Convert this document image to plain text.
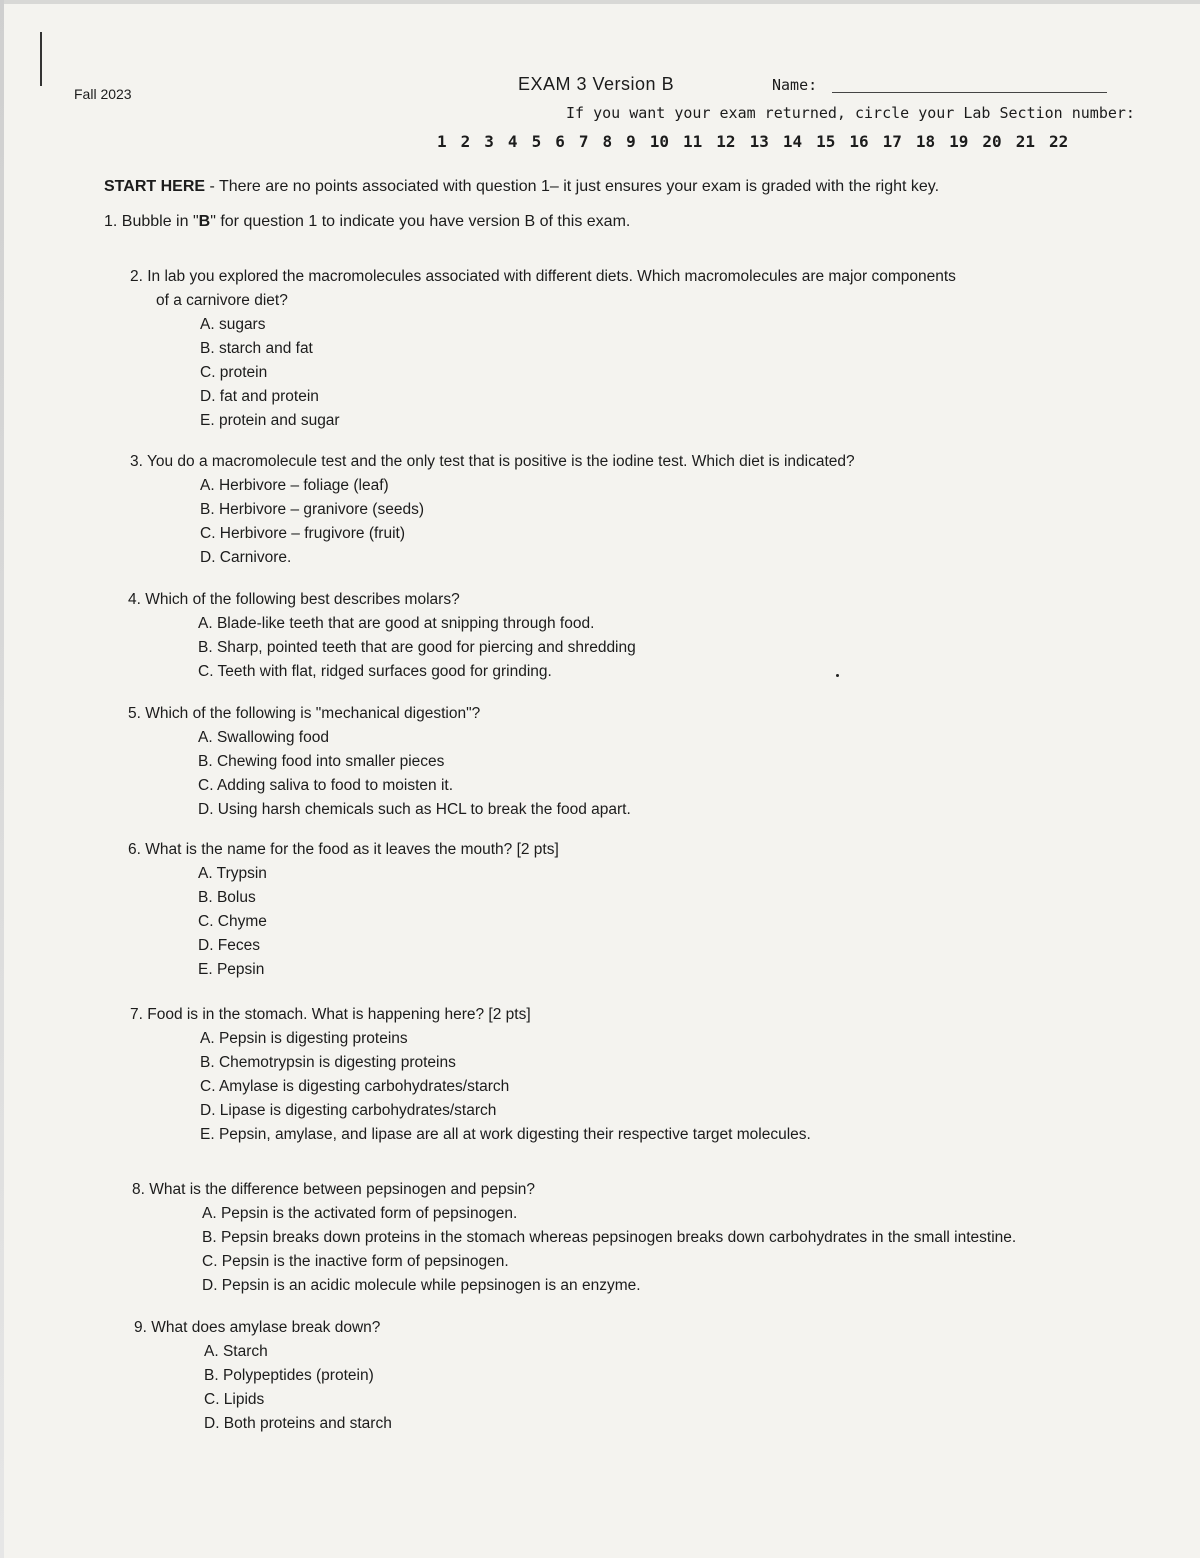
Fall 2023	EXAM 3 Version B	Name:
If you want your exam returned, circle your Lab Section number:
1 2 3 4 5 6 7 8 9 10 11 12 13 14 15 16 17 18 19 20 21 22
START HERE - There are no points associated with question 1– it just ensures your exam is graded with the right key.
1. Bubble in "B" for question 1 to indicate you have version B of this exam.
2. In lab you explored the macromolecules associated with different diets. Which macromolecules are major components
of a carnivore diet?
A. sugars
B. starch and fat
C. protein
D. fat and protein
E. protein and sugar
3. You do a macromolecule test and the only test that is positive is the iodine test. Which diet is indicated?
A. Herbivore – foliage (leaf)
B. Herbivore – granivore (seeds)
C. Herbivore – frugivore (fruit)
D. Carnivore.
4. Which of the following best describes molars?
A. Blade-like teeth that are good at snipping through food.
B. Sharp, pointed teeth that are good for piercing and shredding
C. Teeth with flat, ridged surfaces good for grinding.
5. Which of the following is "mechanical digestion"?
A. Swallowing food
B. Chewing food into smaller pieces
C. Adding saliva to food to moisten it.
D. Using harsh chemicals such as HCL to break the food apart.
6. What is the name for the food as it leaves the mouth? [2 pts]
A. Trypsin
B. Bolus
C. Chyme
D. Feces
E. Pepsin
7. Food is in the stomach. What is happening here? [2 pts]
A. Pepsin is digesting proteins
B. Chemotrypsin is digesting proteins
C. Amylase is digesting carbohydrates/starch
D. Lipase is digesting carbohydrates/starch
E. Pepsin, amylase, and lipase are all at work digesting their respective target molecules.
8. What is the difference between pepsinogen and pepsin?
A. Pepsin is the activated form of pepsinogen.
B. Pepsin breaks down proteins in the stomach whereas pepsinogen breaks down carbohydrates in the small intestine.
C. Pepsin is the inactive form of pepsinogen.
D. Pepsin is an acidic molecule while pepsinogen is an enzyme.
9. What does amylase break down?
A. Starch
B. Polypeptides (protein)
C. Lipids
D. Both proteins and starch
